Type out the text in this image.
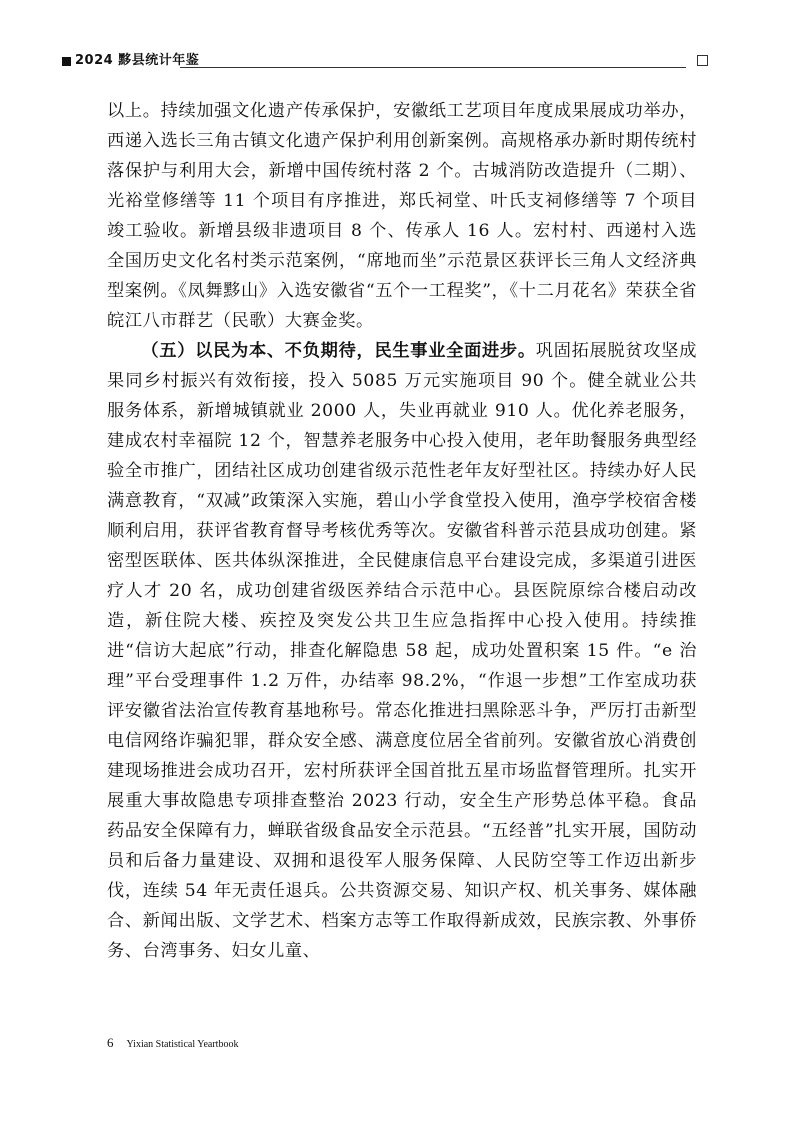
2024 黟县统计年鉴

以上。持续加强文化遗产传承保护，安徽纸工艺项目年度成果展成功举办，西递入选长三角古镇文化遗产保护利用创新案例。高规格承办新时期传统村落保护与利用大会，新增中国传统村落 2 个。古城消防改造提升（二期）、光裕堂修缮等 11 个项目有序推进，郑氏祠堂、叶氏支祠修缮等 7 个项目竣工验收。新增县级非遗项目 8 个、传承人 16 人。宏村村、西递村入选全国历史文化名村类示范案例，“席地而坐”示范景区获评长三角人文经济典型案例。《凤舞黟山》入选安徽省“五个一工程奖”，《十二月花名》荣获全省皖江八市群艺（民歌）大赛金奖。

（五）以民为本、不负期待，民生事业全面进步。巩固拓展脱贫攻坚成果同乡村振兴有效衔接，投入 5085 万元实施项目 90 个。健全就业公共服务体系，新增城镇就业 2000 人，失业再就业 910 人。优化养老服务，建成农村幸福院 12 个，智慧养老服务中心投入使用，老年助餐服务典型经验全市推广，团结社区成功创建省级示范性老年友好型社区。持续办好人民满意教育，“双减”政策深入实施，碧山小学食堂投入使用，渔亭学校宿舍楼顺利启用，获评省教育督导考核优秀等次。安徽省科普示范县成功创建。紧密型医联体、医共体纵深推进，全民健康信息平台建设完成，多渠道引进医疗人才 20 名，成功创建省级医养结合示范中心。县医院原综合楼启动改造，新住院大楼、疾控及突发公共卫生应急指挥中心投入使用。持续推进“信访大起底”行动，排查化解隐患 58 起，成功处置积案 15 件。“e 治理”平台受理事件 1.2 万件，办结率 98.2%，“作退一步想”工作室成功获评安徽省法治宣传教育基地称号。常态化推进扫黑除恶斗争，严厉打击新型电信网络诈骗犯罪，群众安全感、满意度位居全省前列。安徽省放心消费创建现场推进会成功召开，宏村所获评全国首批五星市场监督管理所。扎实开展重大事故隐患专项排查整治 2023 行动，安全生产形势总体平稳。食品药品安全保障有力，蝉联省级食品安全示范县。“五经普”扎实开展，国防动员和后备力量建设、双拥和退役军人服务保障、人民防空等工作迈出新步伐，连续 54 年无责任退兵。公共资源交易、知识产权、机关事务、媒体融合、新闻出版、文学艺术、档案方志等工作取得新成效，民族宗教、外事侨务、台湾事务、妇女儿童、

6 Yixian Statistical Yeartbook
